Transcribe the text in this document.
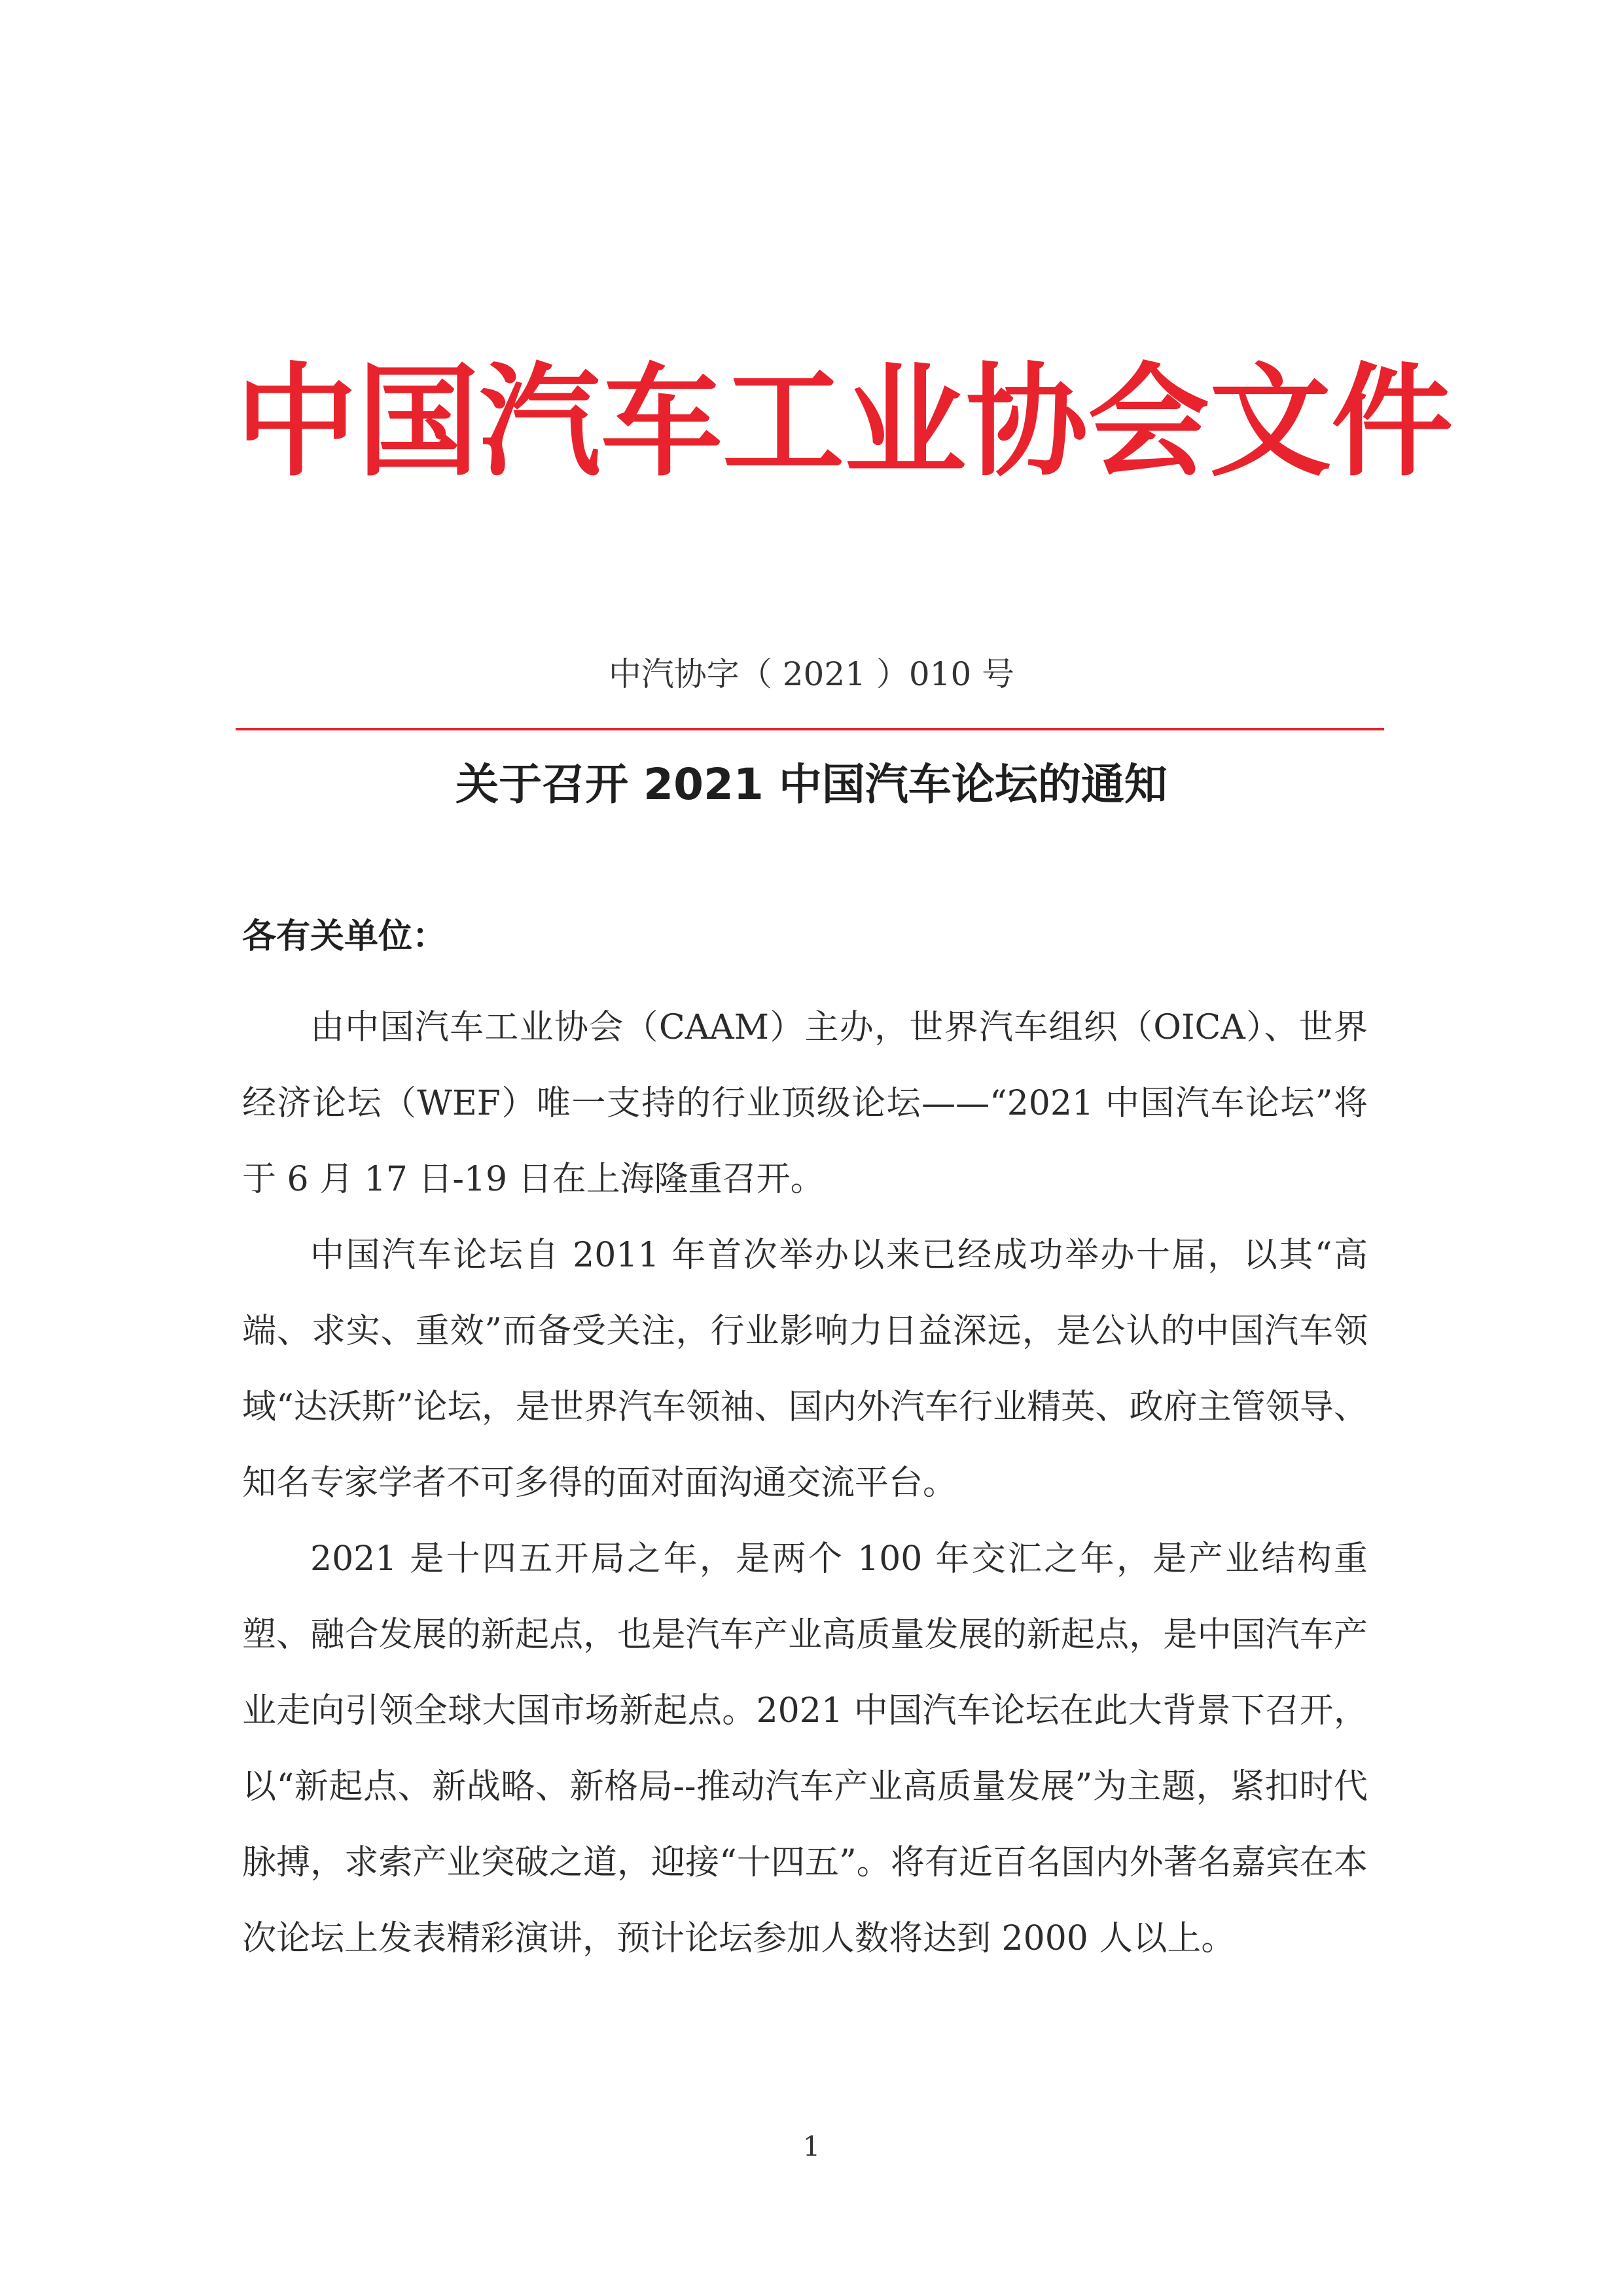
中 国 汽 车 工 业 协 会 文 件
中汽协字（ 2021 ）010 号
关于召开 2021 中国汽车论坛的通知
各有关单位：

由中国汽车工业协会（CAAM）主办，世界汽车组织（OICA）、世界经济论坛（WEF）唯一支持的行业顶级论坛——“2021 中国汽车论坛”将于 6 月 17 日-19 日在上海隆重召开。

中国汽车论坛自 2011 年首次举办以来已经成功举办十届，以其“高端、求实、重效”而备受关注，行业影响力日益深远，是公认的中国汽车领域“达沃斯”论坛，是世界汽车领袖、国内外汽车行业精英、政府主管领导、知名专家学者不可多得的面对面沟通交流平台。

2021 是十四五开局之年，是两个 100 年交汇之年，是产业结构重塑、融合发展的新起点，也是汽车产业高质量发展的新起点，是中国汽车产业走向引领全球大国市场新起点。2021 中国汽车论坛在此大背景下召开，以“新起点、新战略、新格局--推动汽车产业高质量发展”为主题，紧扣时代脉搏，求索产业突破之道，迎接“十四五”。将有近百名国内外著名嘉宾在本次论坛上发表精彩演讲，预计论坛参加人数将达到 2000 人以上。

1
